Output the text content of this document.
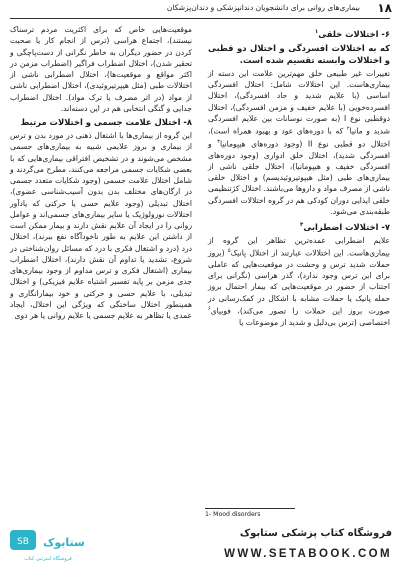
۱۸
بیماری‌های روانی برای دانشجویان دندانپزشکی و دندان‌پزشکان
۶- اختلالات خلقی$^۱$
که به اختلالات افسردگی و اختلال دو قطبی و اختلالات وابسته تقسیم شده است.

تغییرات غیر طبیعی خلق مهم‌ترین علامت این دسته از بیماری‌هاست. این اختلالات شامل: اختلال افسردگی اساسی (با علایم شدید و حاد افسردگی)، اختلال افسرده‌خویی (با علایم خفیف و مزمن افسردگی)، اختلال دوقطبی نوع I (به صورت نوسانات بین علایم افسردگی شدید و مانیا$^۲$ که با دوره‌های عود و بهبود همراه است)، اختلال دو قطبی نوع II (وجود دوره‌های هیپومانیا$^۳$ و افسردگی شدید)، اختلال خلق ادواری (وجود دوره‌های افسردگی خفیف و هیپومانیا)، اختلال خلقی ناشی از بیماری‌های طبی (مثل هیپوتیروئیدیسم) و اختلال خلقی ناشی از مصرف مواد و داروها می‌باشند. اختلال کژتنظیمی خلقی ایذایی دوران کودکی هم در گروه اختلالات افسردگی طبقه‌بندی می‌شود.

۷- اختلالات اضطرابی$^۴$

علایم اضطرابی عمده‌ترین تظاهر این گروه از بیماری‌هاست. این اختلالات عبارتند از اختلال پانیک$^۵$ (بروز حملات شدید ترس و وحشت در موقعیت‌هایی که عاملی برای این ترس وجود ندارد)، گذر هراسی (نگرانی برای اجتناب از حضور در موقعیت‌هایی که بیمار احتمال بروز حمله پانیک یا حملات مشابه با اشکال در کمک‌رسانی در صورت بروز این حملات را تصور می‌کند)، فوبیای$^۶$ اختصاصی (ترس بی‌دلیل و شدید از موضوعات یا

موقعیت‌هایی خاص که برای اکثریت مردم ترسناک نیستند)، اجتماع هراسی (ترس از انجام کار یا صحبت کردن در حضور دیگران به خاطر نگرانی از دست‌پاچگی و تحقیر شدن)، اختلال اضطراب فراگیر (اضطراب مزمن در اکثر مواقع و موقعیت‌ها)، اختلال اضطرابی ناشی از اختلالات طبی (مثل هیپرتیروئیدی)، اختلال اضطرابی ناشی از مواد (در اثر مصرف یا ترک مواد). اختلال اضطراب جدایی و گنگی انتخابی هم در این دسته‌اند.

۸- اختلال علامت جسمی و اختلالات مرتبط

این گروه از بیماری‌ها با اشتغال ذهنی در مورد بدن و ترس از بیماری و بروز علایمی شبیه به بیماری‌های جسمی مشخص می‌شوند و در تشخیص افتراقی بیماری‌هایی که با بعضی شکایات جسمی مراجعه می‌کنند، مطرح می‌گردند و شامل اختلال علامت جسمی (وجود شکایات متعدد جسمی در ارگان‌های مختلف بدن بدون آسیب‌شناسی عضوی)، اختلال تبدیلی (وجود علایم حسی یا حرکتی که یادآور اختلالات نورولوژیک یا سایر بیماری‌های جسمی‌اند و عوامل روانی را در ایجاد آن علایم نقش دارند و بیمار ممکن است از داشتن این علایم به طور ناخودآگاه نفع ببرند)، اختلال درد (درد و اشتغال فکری با درد که مسائل روان‌شناختی در شروع، تشدید یا تداوم آن نقش دارند)، اختلال اضطراب بیماری (اشتغال فکری و ترس مداوم از وجود بیماری‌های جدی مزمن بر پایه تفسیر اشتباه علایم فیزیکی) و اختلال تبدیلی، با علایم حسی و حرکتی و خود بیمارانگاری و همینطور اختلال ساختگی که ویژگی این اختلال، ایجاد عمدی یا تظاهر به علایم جسمی یا علایم روانی یا هر دوی

1- Mood disorders
SB ستابوک
فروشگاه اینترنتی کتاب
فروشگاه کتاب پزشکی ستابوک
WWW.SETABOOK.COM
